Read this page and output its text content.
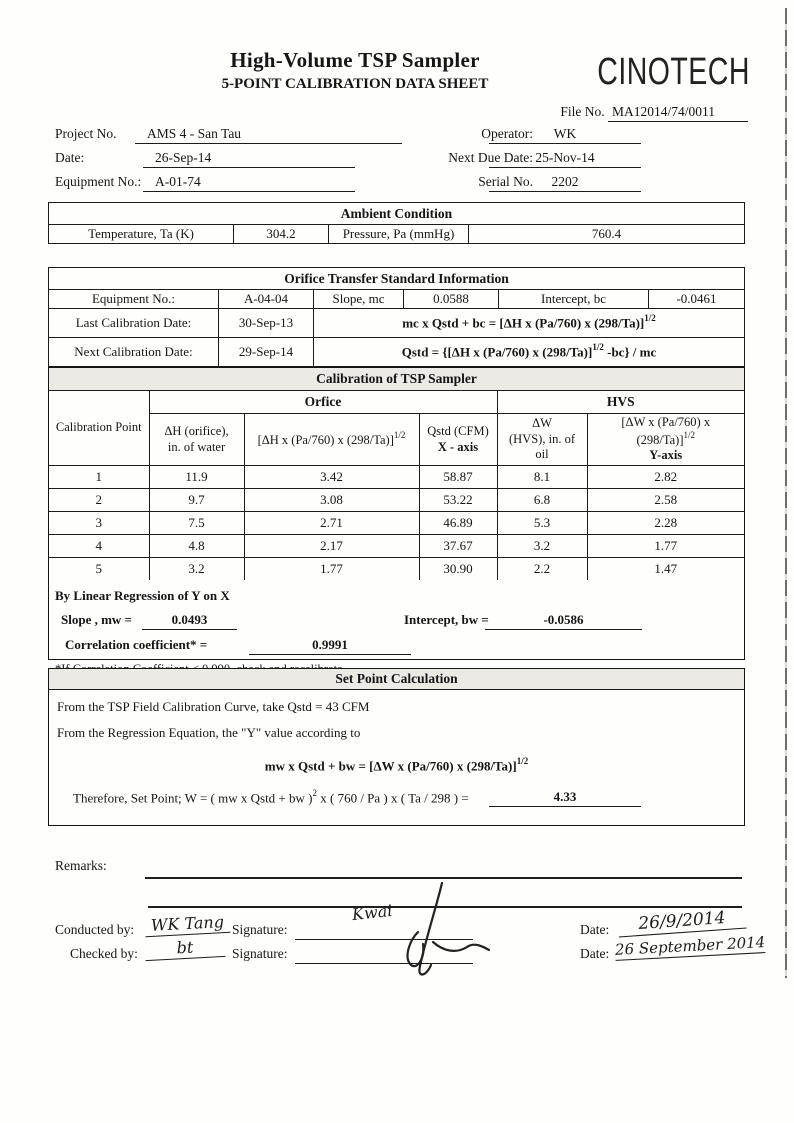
High-Volume TSP Sampler
5-POINT CALIBRATION DATA SHEET	CINOTECH
File No. MA12014/74/0011
Project No.	AMS 4 - San Tau	Operator:	WK
Date:	26-Sep-14	Next Due Date: 25-Nov-14
Equipment No.:	A-01-74	Serial No.	2202
Ambient Condition
Temperature, Ta (K)	304.2	Pressure, Pa (mmHg)	760.4
Orifice Transfer Standard Information					
Equipment No.:	A-04-04	Slope, mc	0.0588	Intercept, bc	-0.0461
Last Calibration Date:	30-Sep-13	mc x Qstd + bc = [ΔH x (Pa/760) x (298/Ta)]$^{1/2}$
Next Calibration Date:	29-Sep-14	Qstd = {[ΔH x (Pa/760) x (298/Ta)]$^{1/2}$ -bc} / mc			
Calibration of TSP Sampler					
Calibration Point	Orfice			HVS	
	ΔH (orifice),
in. of water	[ΔH x (Pa/760) x (298/Ta)]$^{1/2}$	Qstd (CFM)
X - axis	ΔW
(HVS), in. of oil	[ΔW x (Pa/760) x (298/Ta)]$^{1/2}$
Y-axis
1	11.9	3.42	58.87	8.1	2.82
2	9.7	3.08	53.22	6.8	2.58
3	7.5	2.71	46.89	5.3	2.28
4	4.8	2.17	37.67	3.2	1.77
5	3.2	1.77	30.90	2.2	1.47
By Linear Regression of Y on X
Slope , mw =	0.0493	Intercept, bw =	-0.0586
Correlation coefficient* =	0.9991
Set Point Calculation
From the TSP Field Calibration Curve, take Qstd = 43 CFM
From the Regression Equation, the "Y" value according to
mw x Qstd + bw = [ΔW x (Pa/760) x (298/Ta)]$^{1/2}$
Therefore, Set Point; W = ( mw x Qstd + bw )$^2$ x ( 760 / Pa ) x ( Ta / 298 ) =	4.33
Remarks:
Conducted by:	WK Tang Signature:
Kwai
Date:	26/9/2014
Checked by:	bt	Signature:	Date: 26 September 2014
